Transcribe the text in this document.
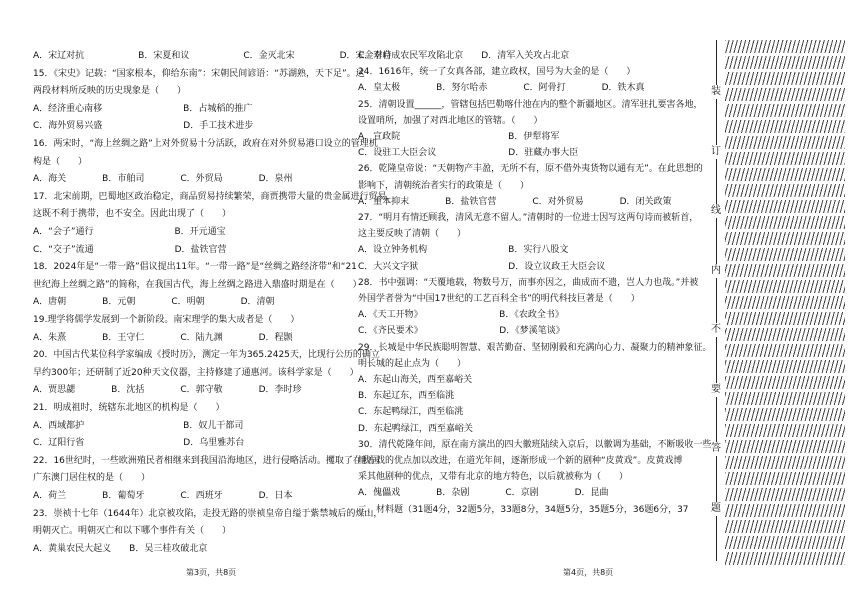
A．宋辽对抗　　　　　　B．宋夏和议　　　　　　C．金灭北宋　　　　　D．宋金对峙
15．《宋史》记载：“国家根本，仰给东南”：宋朝民间谚语：“苏湖熟，天下足”。这
两段材料所反映的历史现象是（　　）
A．经济重心南移　　　　　　　　　B．占城稻的推广
C．海外贸易兴盛　　　　　　　　　D．手工技术进步
16．两宋时，“海上丝绸之路”上对外贸易十分活跃，政府在对外贸易港口设立的管理机
构是（　　）
A．海关　　　　B．市舶司　　　　C．外贸局　　　　D．泉州
17．北宋前期，巴蜀地区政治稳定，商品贸易持续繁荣，商贾携带大量的贵金属进行贸易，
这既不利于携带，也不安全。因此出现了（　　）
A．“会子”通行　　　　　　　　　B．开元通宝
C．“交子”流通　　　　　　　　　D．盐铁官营
18．2024年是“一带一路”倡议提出11年。“一带一路”是“丝绸之路经济带”和“21
世纪海上丝绸之路”的简称，在我国古代，海上丝绸之路进入鼎盛时期是在（　　）
A．唐朝　　　　B．元朝　　　　C．明朝　　　　D．清朝
19.理学将儒学发展到一个新阶段。南宋理学的集大成者是（　　）
A．朱熹　　　　B．王守仁　　　　C．陆九渊　　　　D．程颢
20．中国古代某位科学家编成《授时历》，测定一年为365.2425天，比现行公历的确立
早约300年；还研制了近20种天文仪器，主持修建了通惠河。该科学家是（　　）
A．贾思勰　　　　B．沈括　　　　C．郭守敬　　　　D．李时珍
21．明成祖时，统辖东北地区的机构是（　　）
A．西域都护　　　　　　　　　　　B．奴儿干都司
C．辽阳行省　　　　　　　　　　　D．乌里雅苏台
22．16世纪时，一些欧洲殖民者相继来到我国沿海地区，进行侵略活动。攫取了在我国
广东澳门居住权的是（　　）
A．荷兰　　　　B．葡萄牙　　　　C．西班牙　　　　D．日本
23．崇祯十七年（1644年）北京被攻陷，走投无路的崇祯皇帝自缢于紫禁城后的煤山，
明朝灭亡。明朝灭亡和以下哪个事件有关（　　）
A．黄巢农民大起义　　B．吴三桂攻破北京
C．李自成农民军攻陷北京　　D．清军入关攻占北京
24．1616年，统一了女真各部，建立政权，国号为大金的是（　　）
A．皇太极　　　　B．努尔哈赤　　　　C．阿骨打　　　　D．铁木真
25．清朝设置______，管辖包括巴勒喀什池在内的整个新疆地区。清军驻扎要害各地，
设置哨所，加强了对西北地区的管辖。（　　）
A．宣政院　　　　　　　　　　　　B．伊犁将军
C．设驻工大臣会议　　　　　　　　D．驻藏办事大臣
26．乾隆皇帝说：“天朝物产丰盈，无所不有，原不借外夷货物以通有无”。在此思想的
影响下，清朝统治者实行的政策是（　　）
A．重本抑末　　　　B．盐铁官营　　　　C．对外贸易　　　　D．闭关政策
27．“明月有情还顾我，清风无意不留人。”清朝时的一位进士因写这两句诗而被斩首，
这主要反映了清朝（　　）
A．设立钟务机构　　　　　　　　　B．实行八股文
C．大兴文字狱　　　　　　　　　　D．设立议政王大臣会议
28．书中强调：“天覆地载，物数号万，而事亦因之，曲成而不遗，岂人力也哉。”并被
外国学者誉为“中国17世纪的工艺百科全书”的明代科技巨著是（　　）
A．《天工开物》　　　　　　　　　B．《农政全书》
C．《齐民要术》　　　　　　　　　D．《梦溪笔谈》
29．长城是中华民族聪明智慧、艰苦勤奋、坚韧刚毅和充满向心力、凝聚力的精神象征。
明长城的起止点为（　　）
A．东起山海关，西至嘉峪关
B．东起辽东，西至临洮
C．东起鸭绿江，西至临洮
D．东起鸭绿江，西至嘉峪关
30．清代乾隆年间，原在南方演出的四大徽班陆续入京后，以徽调为基础，不断吸收一些
地方戏的优点加以改进，在道光年间，逐渐形成一个新的剧种“皮黄戏”。皮黄戏博
采其他剧种的优点，又带有北京的地方特色，以后就被称为（　　）
A．傀儡戏　　　　B．杂剧　　　　C．京剧　　　　D．昆曲
二、材料题（31题4分，32题5分，33题8分，34题5分，35题5分，36题6分，37
第3页，共8页	第4页，共8页
装
订
线
内
不
要
答
题
